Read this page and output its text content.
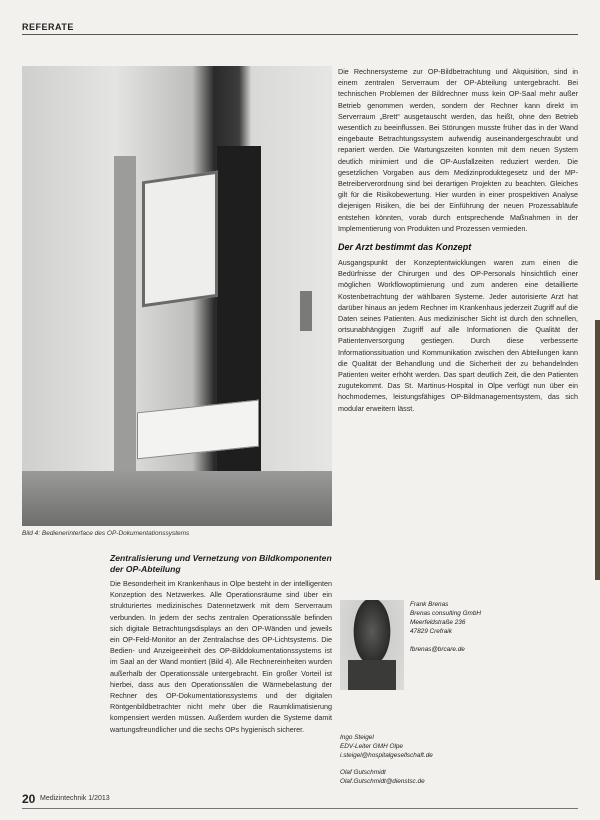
REFERATE
Bild 4: Bedienerinterface des OP-Dokumentationssystems

Die Rechnersysteme zur OP-Bildbetrachtung und Akquisition, sind in einem zentralen Serverraum der OP-Abteilung untergebracht. Bei technischen Problemen der Bildrechner muss kein OP-Saal mehr außer Betrieb genommen werden, sondern der Rechner kann direkt im Serverraum „Brett“ ausgetauscht werden, das heißt, ohne den Betrieb wesentlich zu beeinflussen. Bei Störungen musste früher das in der Wand eingebaute Betrachtungssystem aufwendig auseinandergeschraubt und repariert werden. Die Wartungszeiten konnten mit dem neuen System deutlich minimiert und die OP-Ausfallzeiten reduziert werden. Die gesetzlichen Vorgaben aus dem Medizinproduktegesetz und der MP-Betreiberverordnung sind bei derartigen Projekten zu beachten. Gleiches gilt für die Risikobewertung. Hier wurden in einer prospektiven Analyse diejenigen Risiken, die bei der Einführung der neuen Prozessabläufe entstehen könnten, vorab durch entsprechende Maßnahmen in der Implementierung von Produkten und Prozessen vermieden.

Der Arzt bestimmt das Konzept

Ausgangspunkt der Konzeptentwicklungen waren zum einen die Bedürfnisse der Chirurgen und des OP-Personals hinsichtlich einer möglichen Workflowoptimierung und zum anderen eine detaillierte Kostenbetrachtung der wählbaren Systeme. Jeder autorisierte Arzt hat darüber hinaus an jedem Rechner im Krankenhaus jederzeit Zugriff auf die Daten seines Patienten. Aus medizinischer Sicht ist durch den schnellen, ortsunabhängigen Zugriff auf alle Informationen die Qualität der Patientenversorgung gestiegen. Durch diese verbesserte Informationssituation und Kommunikation zwischen den Abteilungen kann die Qualität der Behandlung und die Sicherheit der zu behandelnden Patienten weiter erhöht werden. Das spart deutlich Zeit, die den Patienten zugutekommt. Das St. Martinus-Hospital in Olpe verfügt nun über ein hochmodernes, leistungsfähiges OP-Bildmanagementsystem, das sich modular erweitern lässt.

Zentralisierung und Vernetzung von Bildkomponenten der OP-Abteilung

Die Besonderheit im Krankenhaus in Olpe besteht in der intelligenten Konzeption des Netzwerkes. Alle Operationsräume sind über ein strukturiertes medizinisches Datennetzwerk mit dem Serverraum verbunden. In jedem der sechs zentralen Operationssäle befinden sich digitale Betrachtungsdisplays an den OP-Wänden und jeweils ein OP-Feld-Monitor an der Zentralachse des OP-Lichtsystems. Die Bedien- und Anzeigeeinheit des OP-Bilddokumentationssystems ist im Saal an der Wand montiert (Bild 4). Alle Rechnereinheiten wurden außerhalb der Operationssäle untergebracht. Ein großer Vorteil ist hierbei, dass aus den Operationssälen die Wärmebelastung der Rechner des OP-Dokumentationssystems und der digitalen Röntgenbildbetrachter nicht mehr über die Raumklimatisierung kompensiert werden müssen. Außerdem wurden die Systeme damit wartungsfreundlicher und die sechs OPs hygienisch sicherer.

Frank Brenas
Brenas consulting GmbH
Meerfeldstraße 236
47829 Crefraik
fbrenas@brcare.de
Ingo Steigel
EDV-Leiter GMH Olpe
i.steigel@hospitalgesellschaft.de
Olaf Gutschmidt
Olaf.Gutschmidt@dienstsc.de
20 Medizintechnik 1/2013
